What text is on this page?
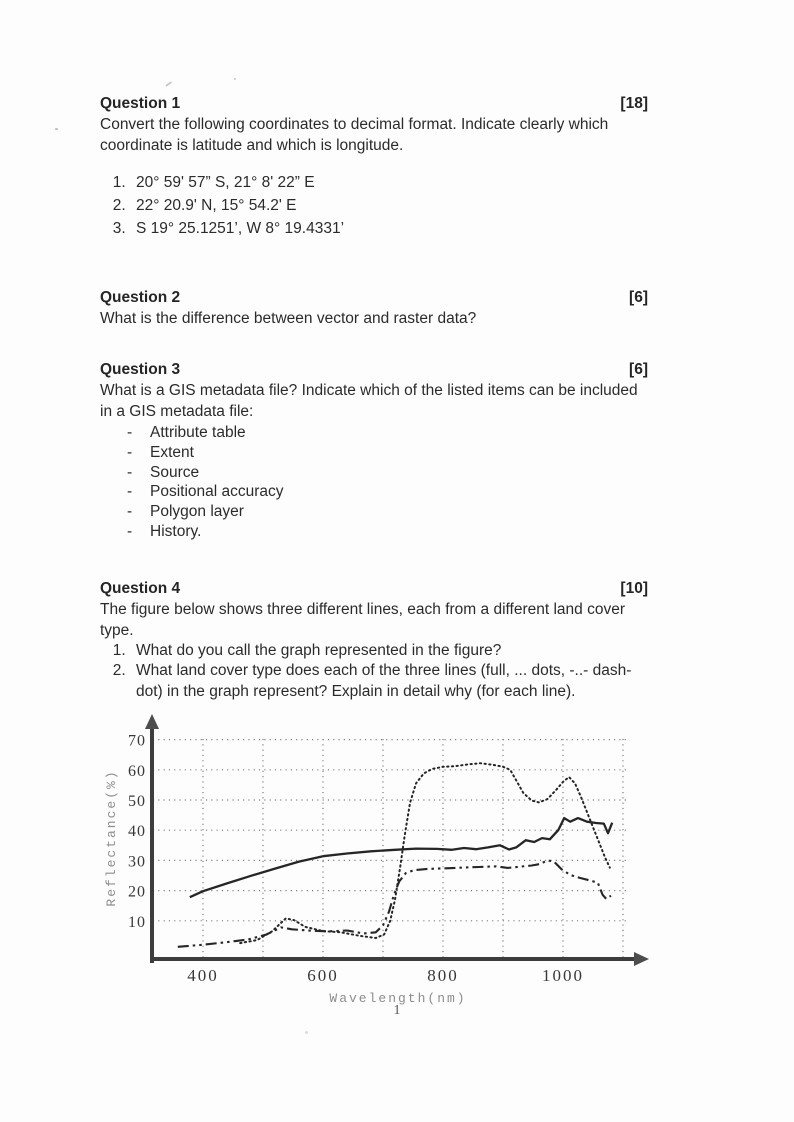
Question 1	[18]

Convert the following coordinates to decimal format. Indicate clearly which coordinate is latitude and which is longitude.

1. 20° 59' 57” S, 21° 8' 22” E
2. 22° 20.9' N, 15° 54.2' E
3. S 19° 25.1251’, W 8° 19.4331’
Question 2	[6]

What is the difference between vector and raster data?

Question 3	[6]

What is a GIS metadata file? Indicate which of the listed items can be included in a GIS metadata file:

- Attribute table
- Extent
- Source
- Positional accuracy
- Polygon layer
- History.
Question 4	[10]

The figure below shows three different lines, each from a different land cover type.

1. What do you call the graph represented in the figure?
2. What land cover type does each of the three lines (full, ... dots, -..- dash-dot) in the graph represent? Explain in detail why (for each line).
10
20
30
40
50
60
70
400	600	800	1000
Wavelength(nm)
Reflectance(%)
1
